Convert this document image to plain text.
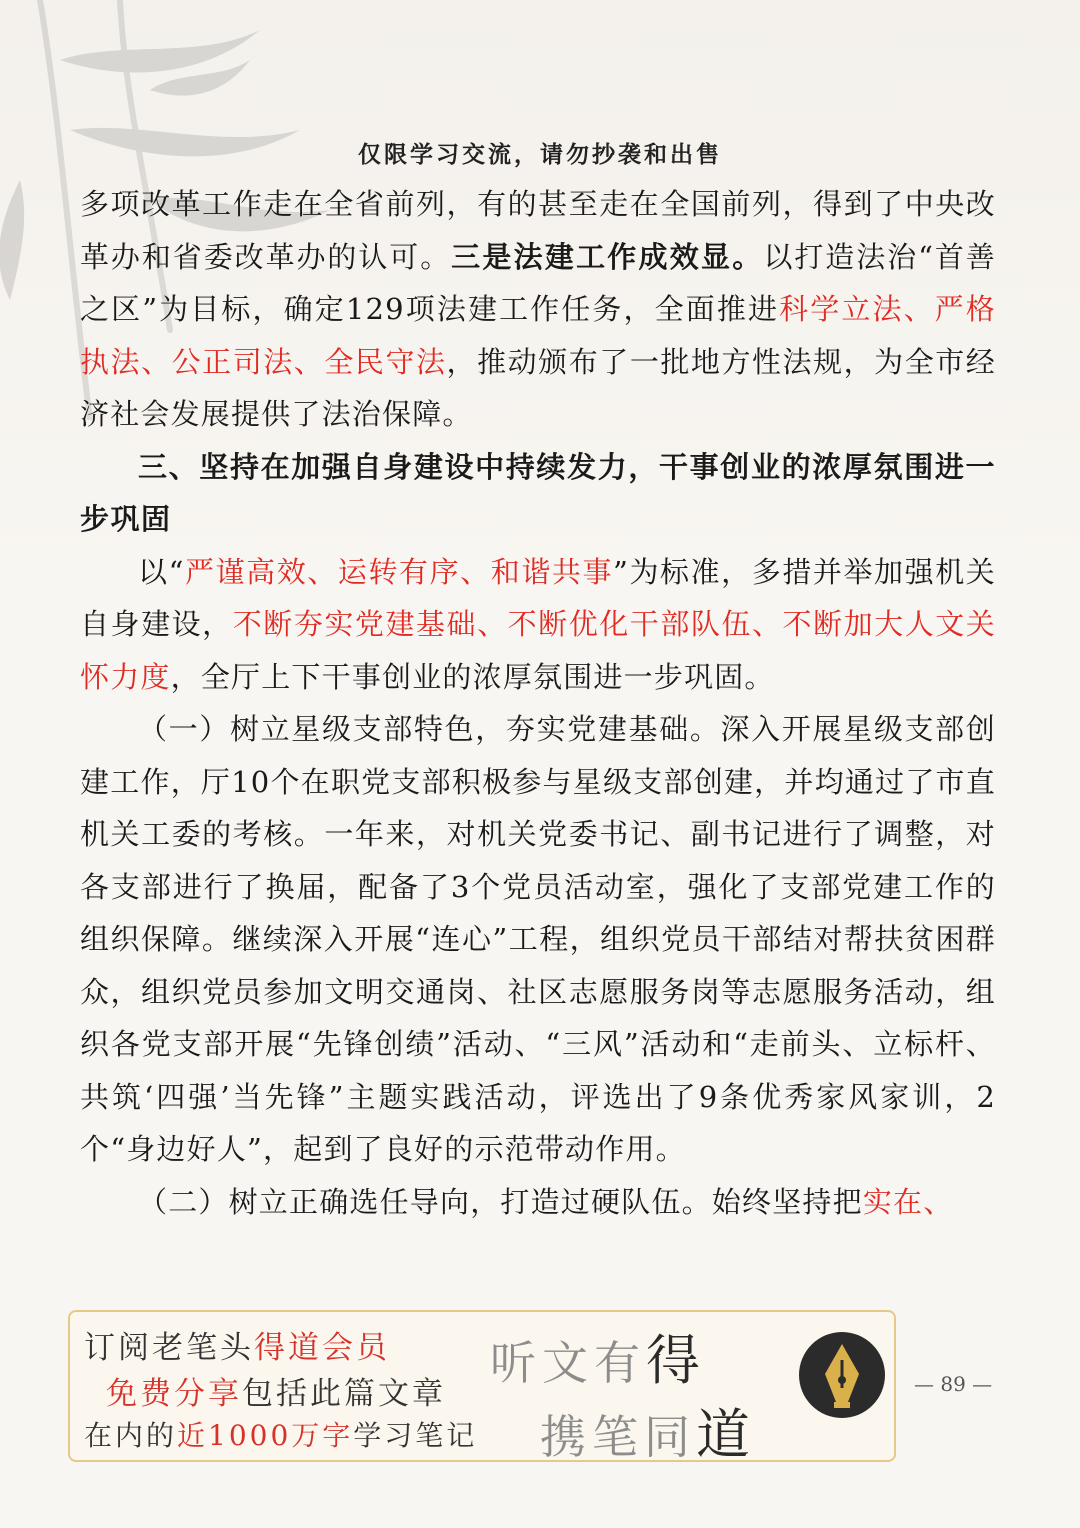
仅限学习交流，请勿抄袭和出售

多项改革工作走在全省前列，有的甚至走在全国前列，得到了中央改革办和省委改革办的认可。三是法建工作成效显。以打造法治“首善之区”为目标，确定129项法建工作任务，全面推进科学立法、严格执法、公正司法、全民守法，推动颁布了一批地方性法规，为全市经济社会发展提供了法治保障。

三、坚持在加强自身建设中持续发力，干事创业的浓厚氛围进一步巩固

以“严谨高效、运转有序、和谐共事”为标准，多措并举加强机关自身建设，不断夯实党建基础、不断优化干部队伍、不断加大人文关怀力度，全厅上下干事创业的浓厚氛围进一步巩固。

（一）树立星级支部特色，夯实党建基础。深入开展星级支部创建工作，厅10个在职党支部积极参与星级支部创建，并均通过了市直机关工委的考核。一年来，对机关党委书记、副书记进行了调整，对各支部进行了换届，配备了3个党员活动室，强化了支部党建工作的组织保障。继续深入开展“连心”工程，组织党员干部结对帮扶贫困群众，组织党员参加文明交通岗、社区志愿服务岗等志愿服务活动，组织各党支部开展“先锋创绩”活动、“三风”活动和“走前头、立标杆、共筑‘四强’当先锋”主题实践活动，评选出了9条优秀家风家训，2个“身边好人”，起到了良好的示范带动作用。

（二）树立正确选任导向，打造过硬队伍。始终坚持把实在、

订阅老笔头得道会员
免费分享包括此篇文章
在内的近1000万字学习笔记
听文有得
携笔同道
— 89 —
